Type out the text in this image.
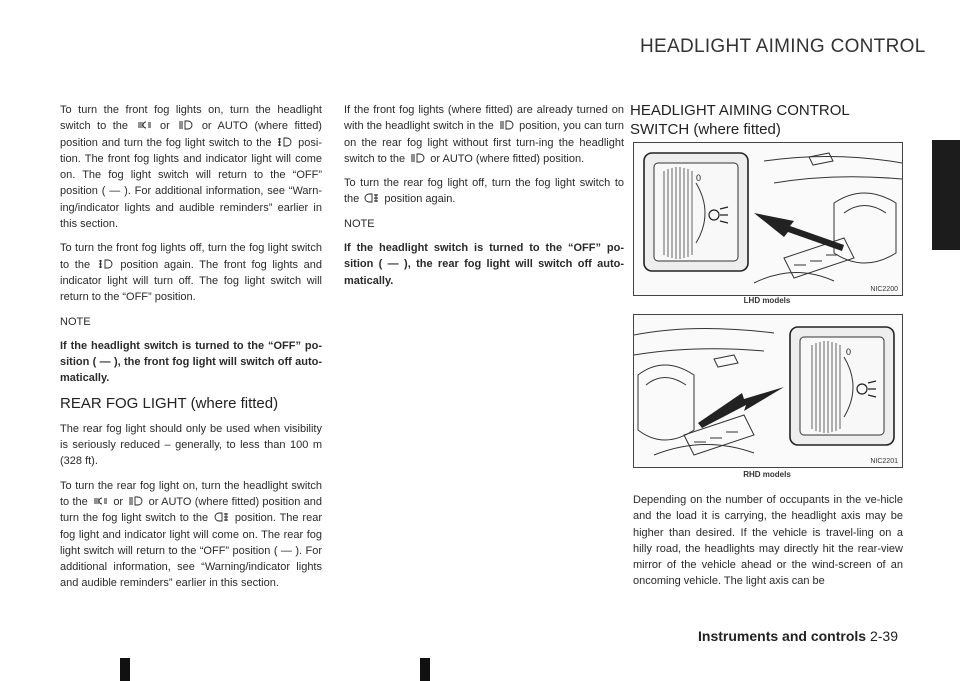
HEADLIGHT AIMING CONTROL

To turn the front fog lights on, turn the headlight switch to the	or	or AUTO (where fitted) position and turn the fog light switch to the posi-tion. The front fog lights and indicator light will come on. The fog light switch will return to the “OFF” position ( — ). For additional information, see “Warn-ing/indicator lights and audible reminders” earlier in this section.

To turn the front fog lights off, turn the fog light switch to the	position again. The front fog lights and indicator light will turn off. The fog light switch will return to the “OFF” position.

NOTE

If the headlight switch is turned to the “OFF” po-sition ( — ), the front fog light will switch off auto-matically.

REAR FOG LIGHT (where fitted)

The rear fog light should only be used when visibility is seriously reduced – generally, to less than 100 m (328 ft).

To turn the rear fog light on, turn the headlight switch to the or or AUTO (where fitted) position and turn the fog light switch to the position. The rear fog light and indicator light will come on. The rear fog light switch will return to the “OFF” position ( — ). For additional information, see “Warning/indicator lights and audible reminders” earlier in this section.

If the front fog lights (where fitted) are already turned on with the headlight switch in the position, you can turn on the rear fog light without first turn-ing the headlight switch to the or AUTO (where fitted) position.

To turn the rear fog light off, turn the fog light switch to the position again.

NOTE

If the headlight switch is turned to the “OFF” po-sition ( — ), the rear fog light will switch off auto-matically.

HEADLIGHT AIMING CONTROL SWITCH (where fitted)
0
NIC2200
LHD models
0
NIC2201
RHD models
Depending on the number of occupants in the ve-hicle and the load it is carrying, the headlight axis may be higher than desired. If the vehicle is travel-ling on a hilly road, the headlights may directly hit the rear-view mirror of the vehicle ahead or the wind-screen of an oncoming vehicle. The light axis can be
Instruments and controls 2-39
